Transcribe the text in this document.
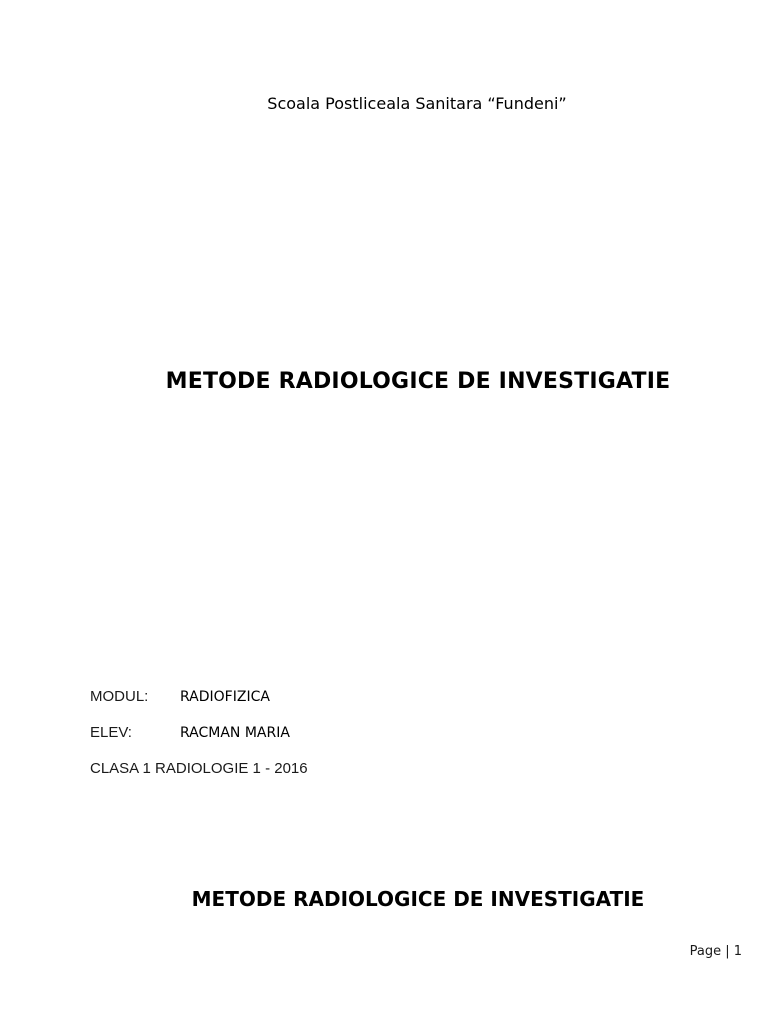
Scoala Postliceala Sanitara “Fundeni”
METODE RADIOLOGICE DE INVESTIGATIE
MODUL: RADIOFIZICA
ELEV:	RACMAN MARIA
CLASA 1 RADIOLOGIE 1 - 2016
METODE RADIOLOGICE DE INVESTIGATIE
Page | 1
